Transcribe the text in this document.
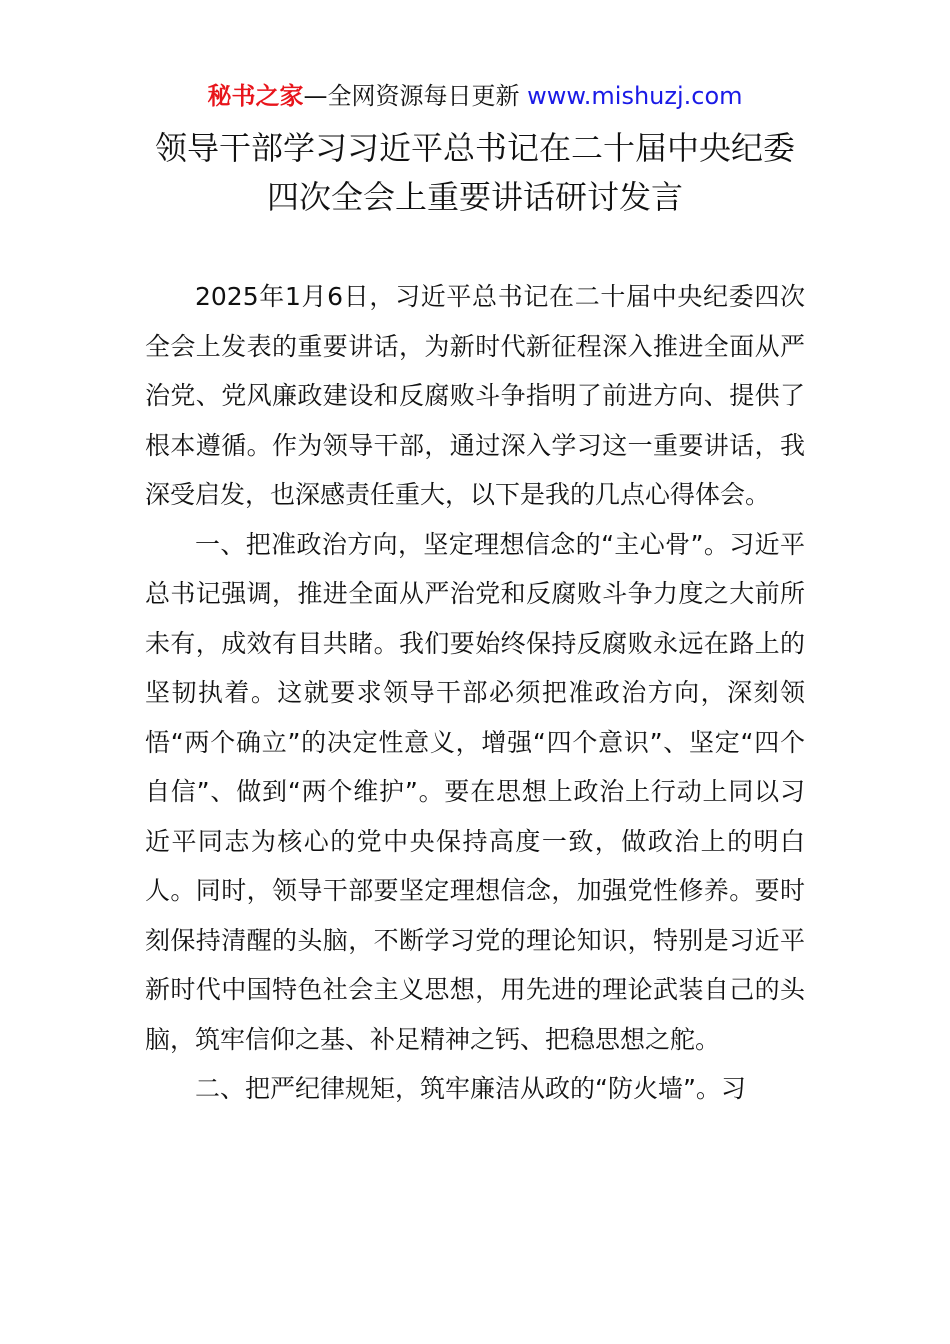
秘书之家—全网资源每日更新 www.mishuzj.com
领导干部学习习近平总书记在二十届中央纪委
四次全会上重要讲话研讨发言

2025年1月6日，习近平总书记在二十届中央纪委四次全会上发表的重要讲话，为新时代新征程深入推进全面从严治党、党风廉政建设和反腐败斗争指明了前进方向、提供了根本遵循。作为领导干部，通过深入学习这一重要讲话，我深受启发，也深感责任重大，以下是我的几点心得体会。

一、把准政治方向，坚定理想信念的“主心骨”。习近平总书记强调，推进全面从严治党和反腐败斗争力度之大前所未有，成效有目共睹。我们要始终保持反腐败永远在路上的坚韧执着。这就要求领导干部必须把准政治方向，深刻领悟“两个确立”的决定性意义，增强“四个意识”、坚定“四个自信”、做到“两个维护”。要在思想上政治上行动上同以习近平同志为核心的党中央保持高度一致，做政治上的明白人。同时，领导干部要坚定理想信念，加强党性修养。要时刻保持清醒的头脑，不断学习党的理论知识，特别是习近平新时代中国特色社会主义思想，用先进的理论武装自己的头脑，筑牢信仰之基、补足精神之钙、把稳思想之舵。

二、把严纪律规矩，筑牢廉洁从政的“防火墙”。习
